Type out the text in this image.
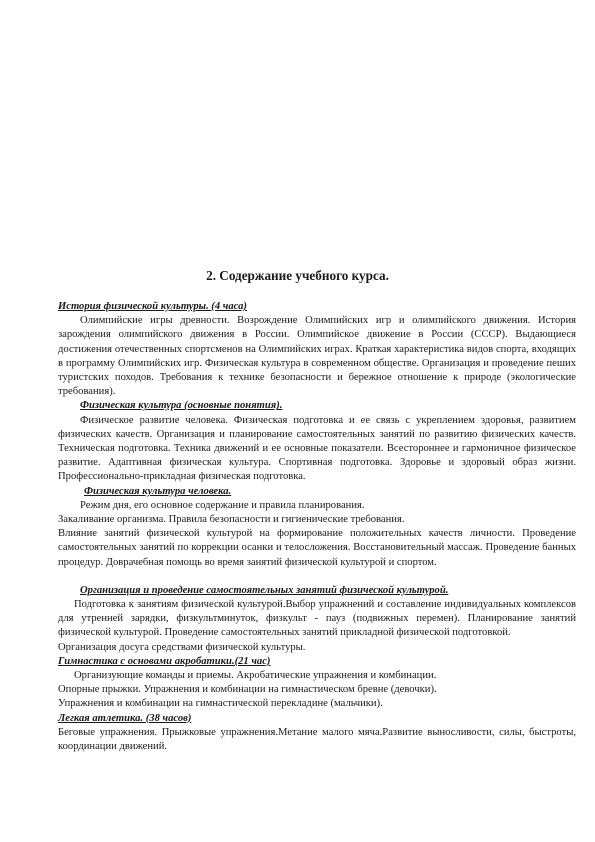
2. Содержание учебного курса.
История физической культуры. (4 часа)

Олимпийские игры древности. Возрождение Олимпийских игр и олимпийского движения. История зарождения олимпийского движения в России. Олимпийское движение в России (СССР). Выдающиеся достижения отечественных спортсменов на Олимпийских играх. Краткая характеристика видов спорта, входящих в программу Олимпийских игр. Физическая культура в современном обществе. Организация и проведение пеших туристских походов. Требования к технике безопасности и бережное отношение к природе (экологические требования).

Физическая культура (основные понятия).

Физическое развитие человека. Физическая подготовка и ее связь с укреплением здоровья, развитием физических качеств. Организация и планирование самостоятельных занятий по развитию физических качеств. Техническая подготовка. Техника движений и ее основные показатели. Всестороннее и гармоничное физическое развитие. Адаптивная физическая культура. Спортивная подготовка. Здоровье и здоровый образ жизни. Профессионально-прикладная физическая подготовка.

Физическая культура человека.

Режим дня, его основное содержание и правила планирования.

Закаливание организма. Правила безопасности и гигиенические требования.

Влияние занятий физической культурой на формирование положительных качеств личности. Проведение самостоятельных занятий по коррекции осанки и телосложения. Восстановительный массаж. Проведение банных процедур. Доврачебная помощь во время занятий физической культурой и спортом.

Организация и проведение самостоятельных занятий физической культурой.

Подготовка к занятиям физической культурой.Выбор упражнений и составление индивидуальных комплексов для утренней зарядки, физкультминуток, физкульт - пауз (подвижных перемен). Планирование занятий физической культурой. Проведение самостоятельных занятий прикладной физической подготовкой.

Организация досуга средствами физической культуры.

Гимнастика с основами акробатики.(21 час)

Организующие команды и приемы. Акробатические упражнения и комбинации.

Опорные прыжки. Упражнения и комбинации на гимнастическом бревне (девочки).

Упражнения и комбинации на гимнастической перекладине (мальчики).

Легкая атлетика. (38 часов)

Беговые упражнения. Прыжковые упражнения.Метание малого мяча.Развитие выносливости, силы, быстроты, координации движений.
